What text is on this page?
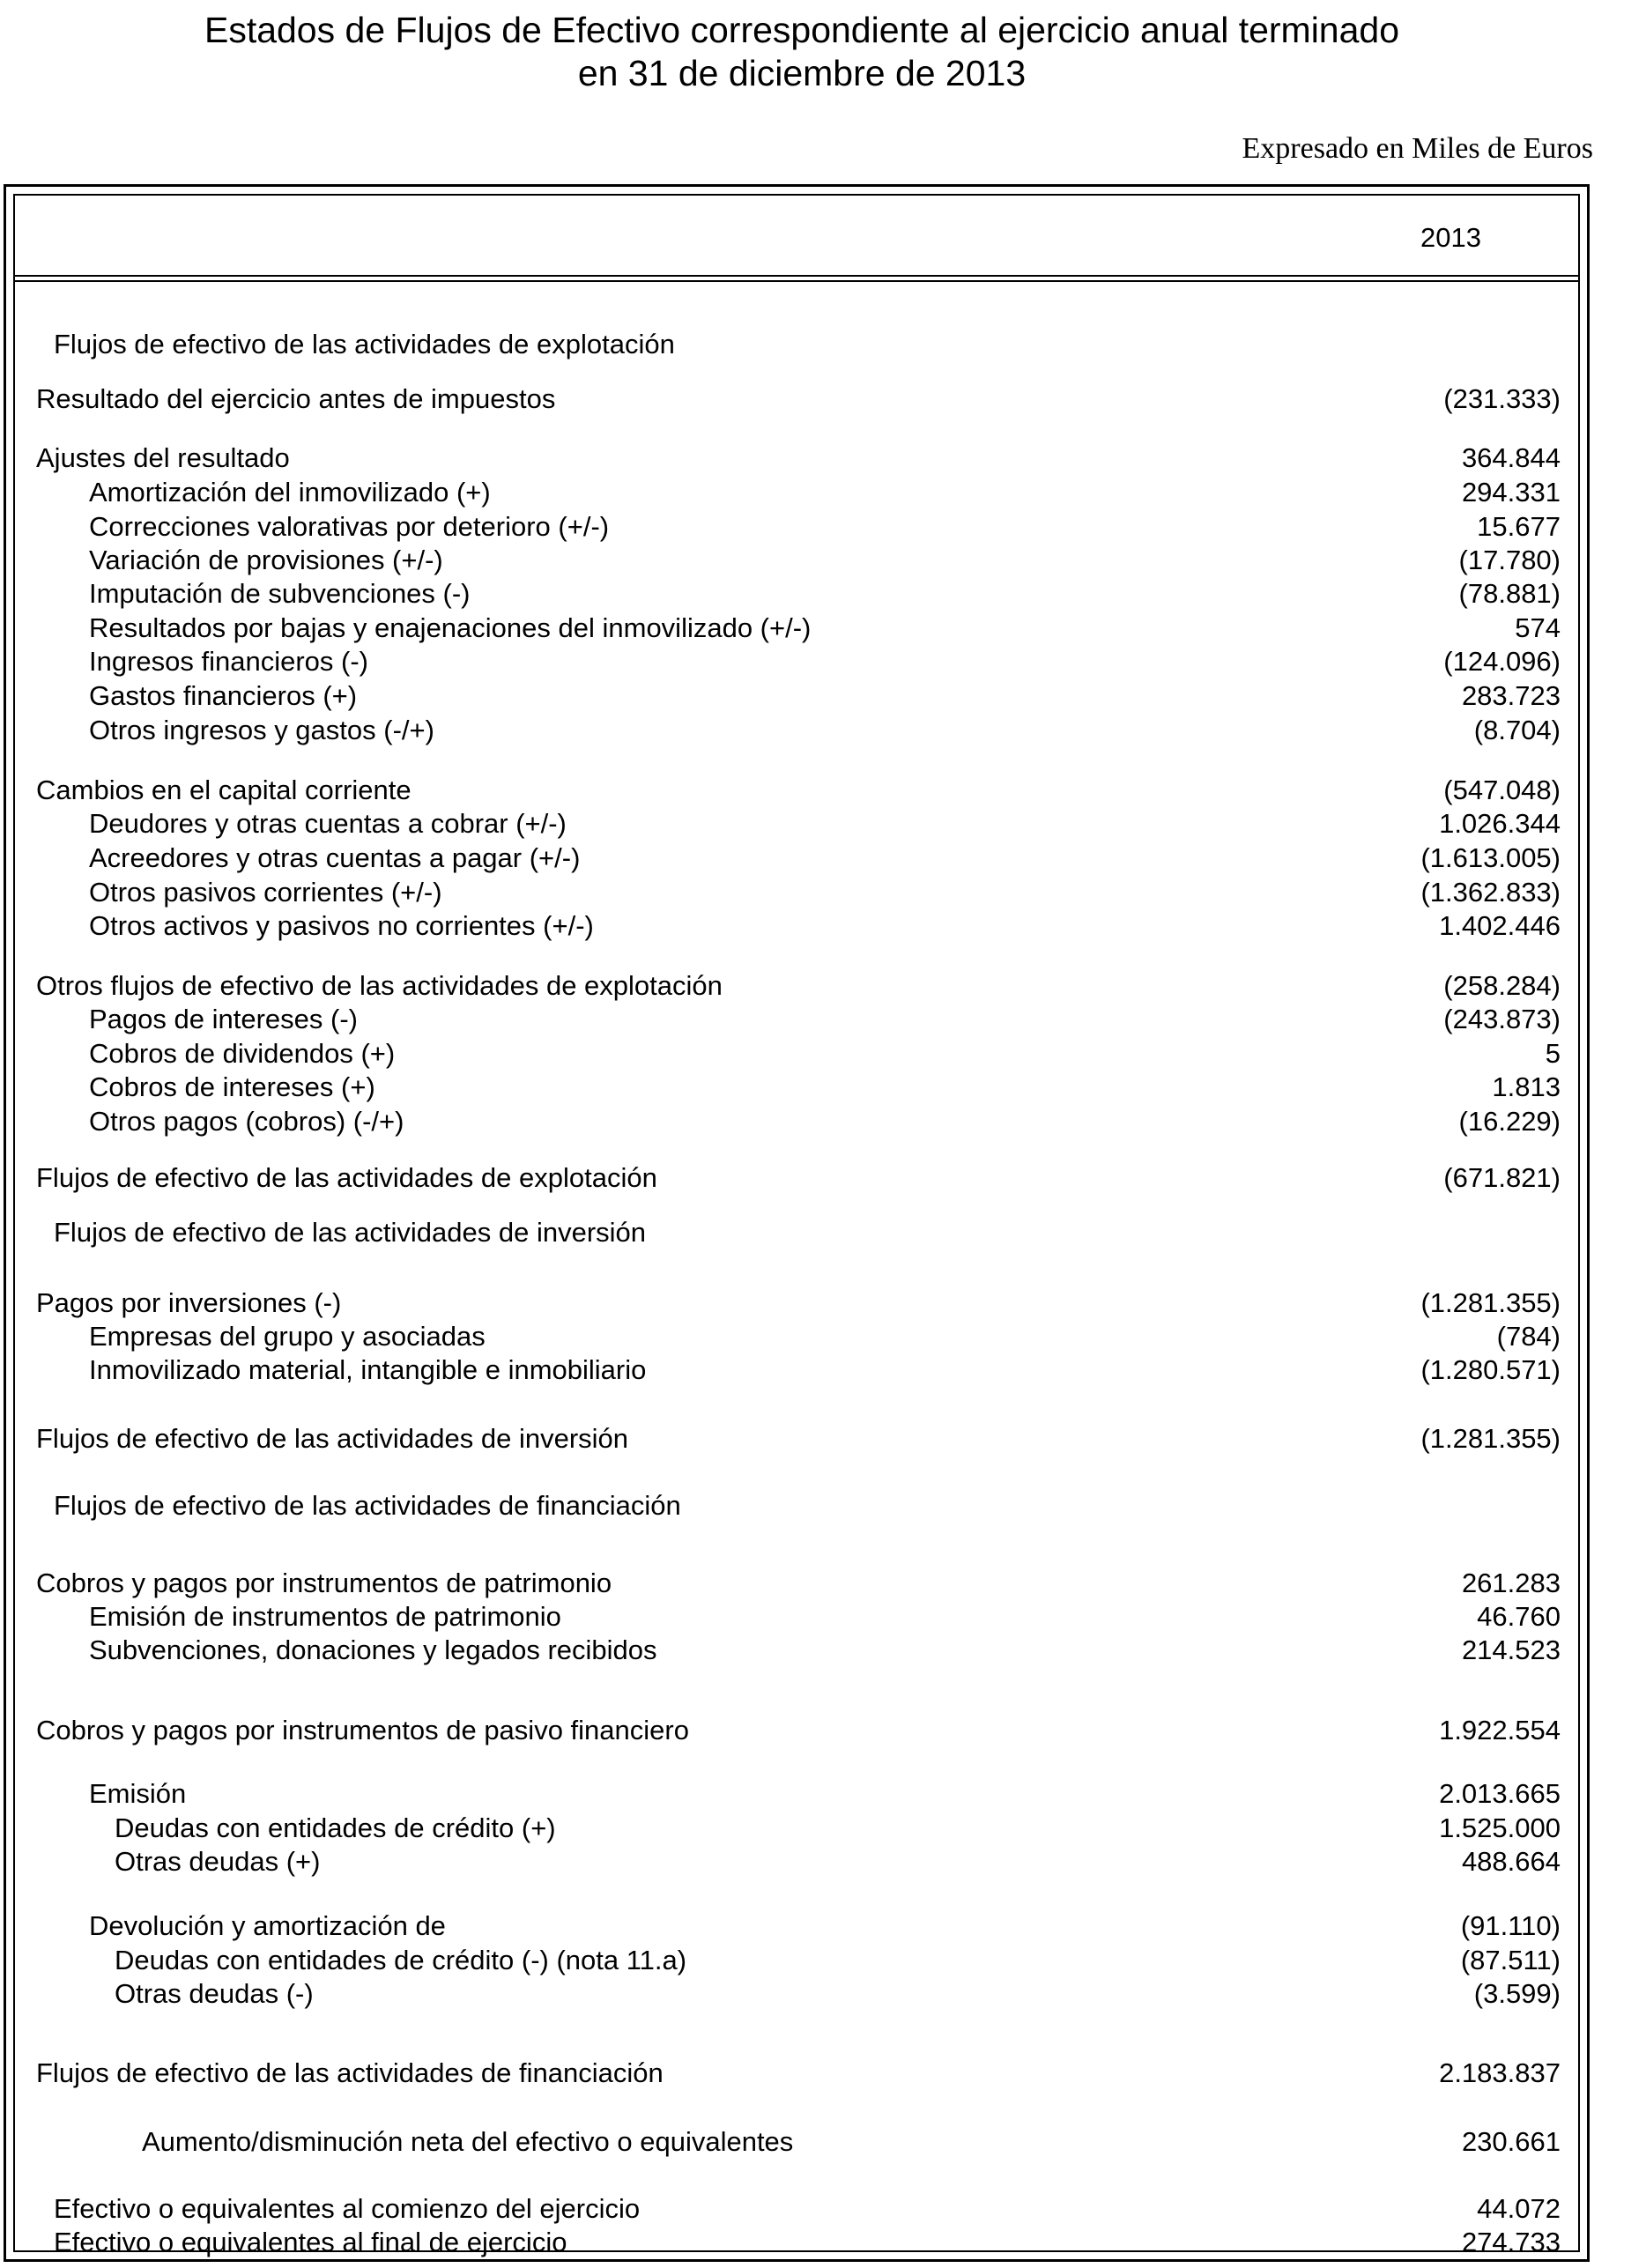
Estados de Flujos de Efectivo correspondiente al ejercicio anual terminado
en 31 de diciembre de 2013
Expresado en Miles de Euros
2013
Flujos de efectivo de las actividades de explotación
Resultado del ejercicio antes de impuestos	(231.333)
Ajustes del resultado	364.844
Amortización del inmovilizado (+)	294.331
Correcciones valorativas por deterioro (+/-)	15.677
Variación de provisiones (+/-)	(17.780)
Imputación de subvenciones (-)	(78.881)
Resultados por bajas y enajenaciones del inmovilizado (+/-)	574
Ingresos financieros (-)	(124.096)
Gastos financieros (+)	283.723
Otros ingresos y gastos (-/+)	(8.704)
Cambios en el capital corriente	(547.048)
Deudores y otras cuentas a cobrar (+/-)	1.026.344
Acreedores y otras cuentas a pagar (+/-)	(1.613.005)
Otros pasivos corrientes (+/-)	(1.362.833)
Otros activos y pasivos no corrientes (+/-)	1.402.446
Otros flujos de efectivo de las actividades de explotación	(258.284)
Pagos de intereses (-)	(243.873)
Cobros de dividendos (+)	5
Cobros de intereses (+)	1.813
Otros pagos (cobros) (-/+)	(16.229)
Flujos de efectivo de las actividades de explotación	(671.821)
Flujos de efectivo de las actividades de inversión
Pagos por inversiones (-)	(1.281.355)
Empresas del grupo y asociadas	(784)
Inmovilizado material, intangible e inmobiliario	(1.280.571)
Flujos de efectivo de las actividades de inversión	(1.281.355)
Flujos de efectivo de las actividades de financiación
Cobros y pagos por instrumentos de patrimonio	261.283
Emisión de instrumentos de patrimonio	46.760
Subvenciones, donaciones y legados recibidos	214.523
Cobros y pagos por instrumentos de pasivo financiero	1.922.554
Emisión	2.013.665
Deudas con entidades de crédito (+)	1.525.000
Otras deudas (+)	488.664
Devolución y amortización de	(91.110)
Deudas con entidades de crédito (-) (nota 11.a)	(87.511)
Otras deudas (-)	(3.599)
Flujos de efectivo de las actividades de financiación	2.183.837
Aumento/disminución neta del efectivo o equivalentes	230.661
Efectivo o equivalentes al comienzo del ejercicio	44.072
Efectivo o equivalentes al final de ejercicio	274.733
